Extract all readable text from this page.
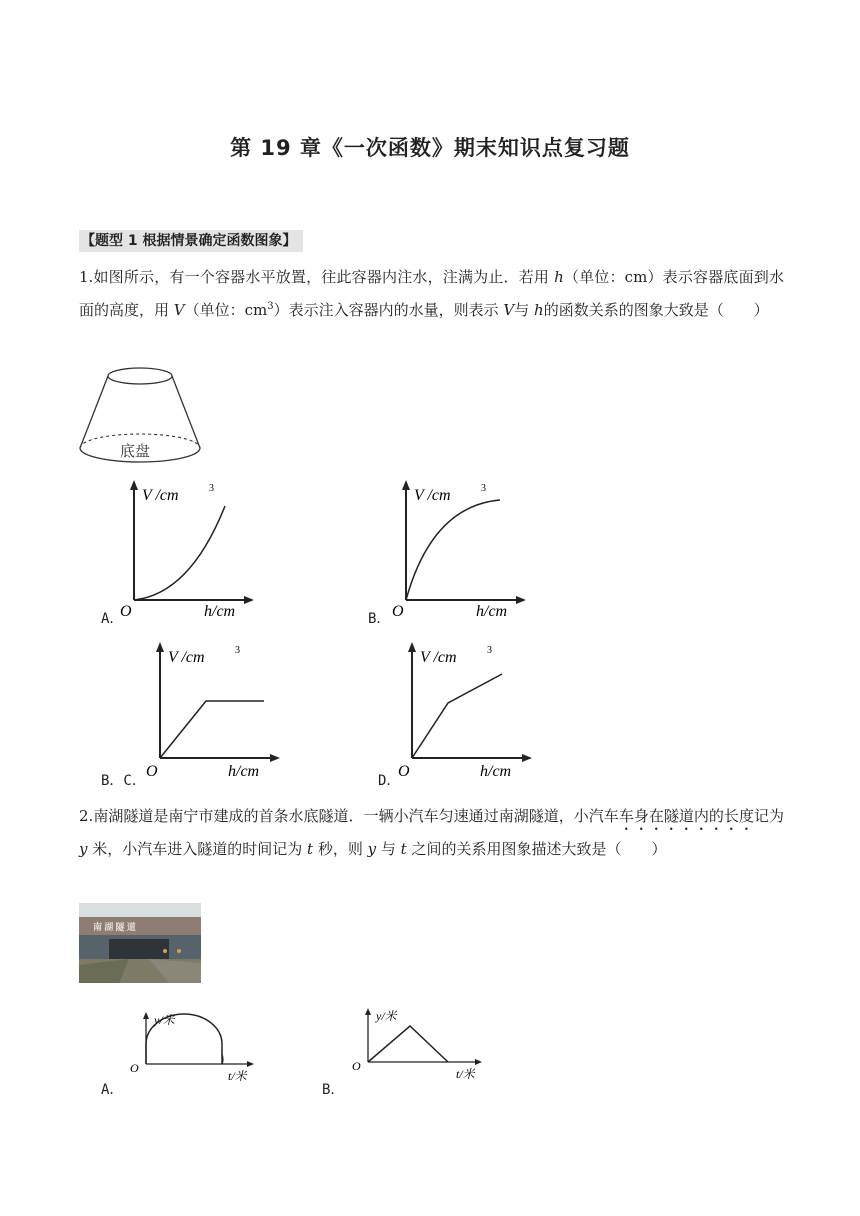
第 19 章《一次函数》期末知识点复习题
【题型 1 根据情景确定函数图象】
1.如图所示，有一个容器水平放置，往此容器内注水，注满为止．若用 h（单位：cm）表示容器底面到水面的高度，用 V（单位：$cm^3$）表示注入容器内的水量，则表示 V与 h的函数关系的图象大致是（　　）
底盘
V /cm	3
O	h/cm
A．
V /cm	3
O	h/cm
B．
V /cm	3
O	h/cm
B．C．
V /cm	3
O	h/cm
D．
2.南湖隧道是南宁市建成的首条水底隧道．一辆小汽车匀速通过南湖隧道，小汽车车身在隧道内的长度记为 y 米，小汽车进入隧道的时间记为 t 秒，则 y 与 t 之间的关系用图象描述大致是（　　）
南 湖 隧 道
y/米
O
t/米
A．
y/米
O
t/米
B．
